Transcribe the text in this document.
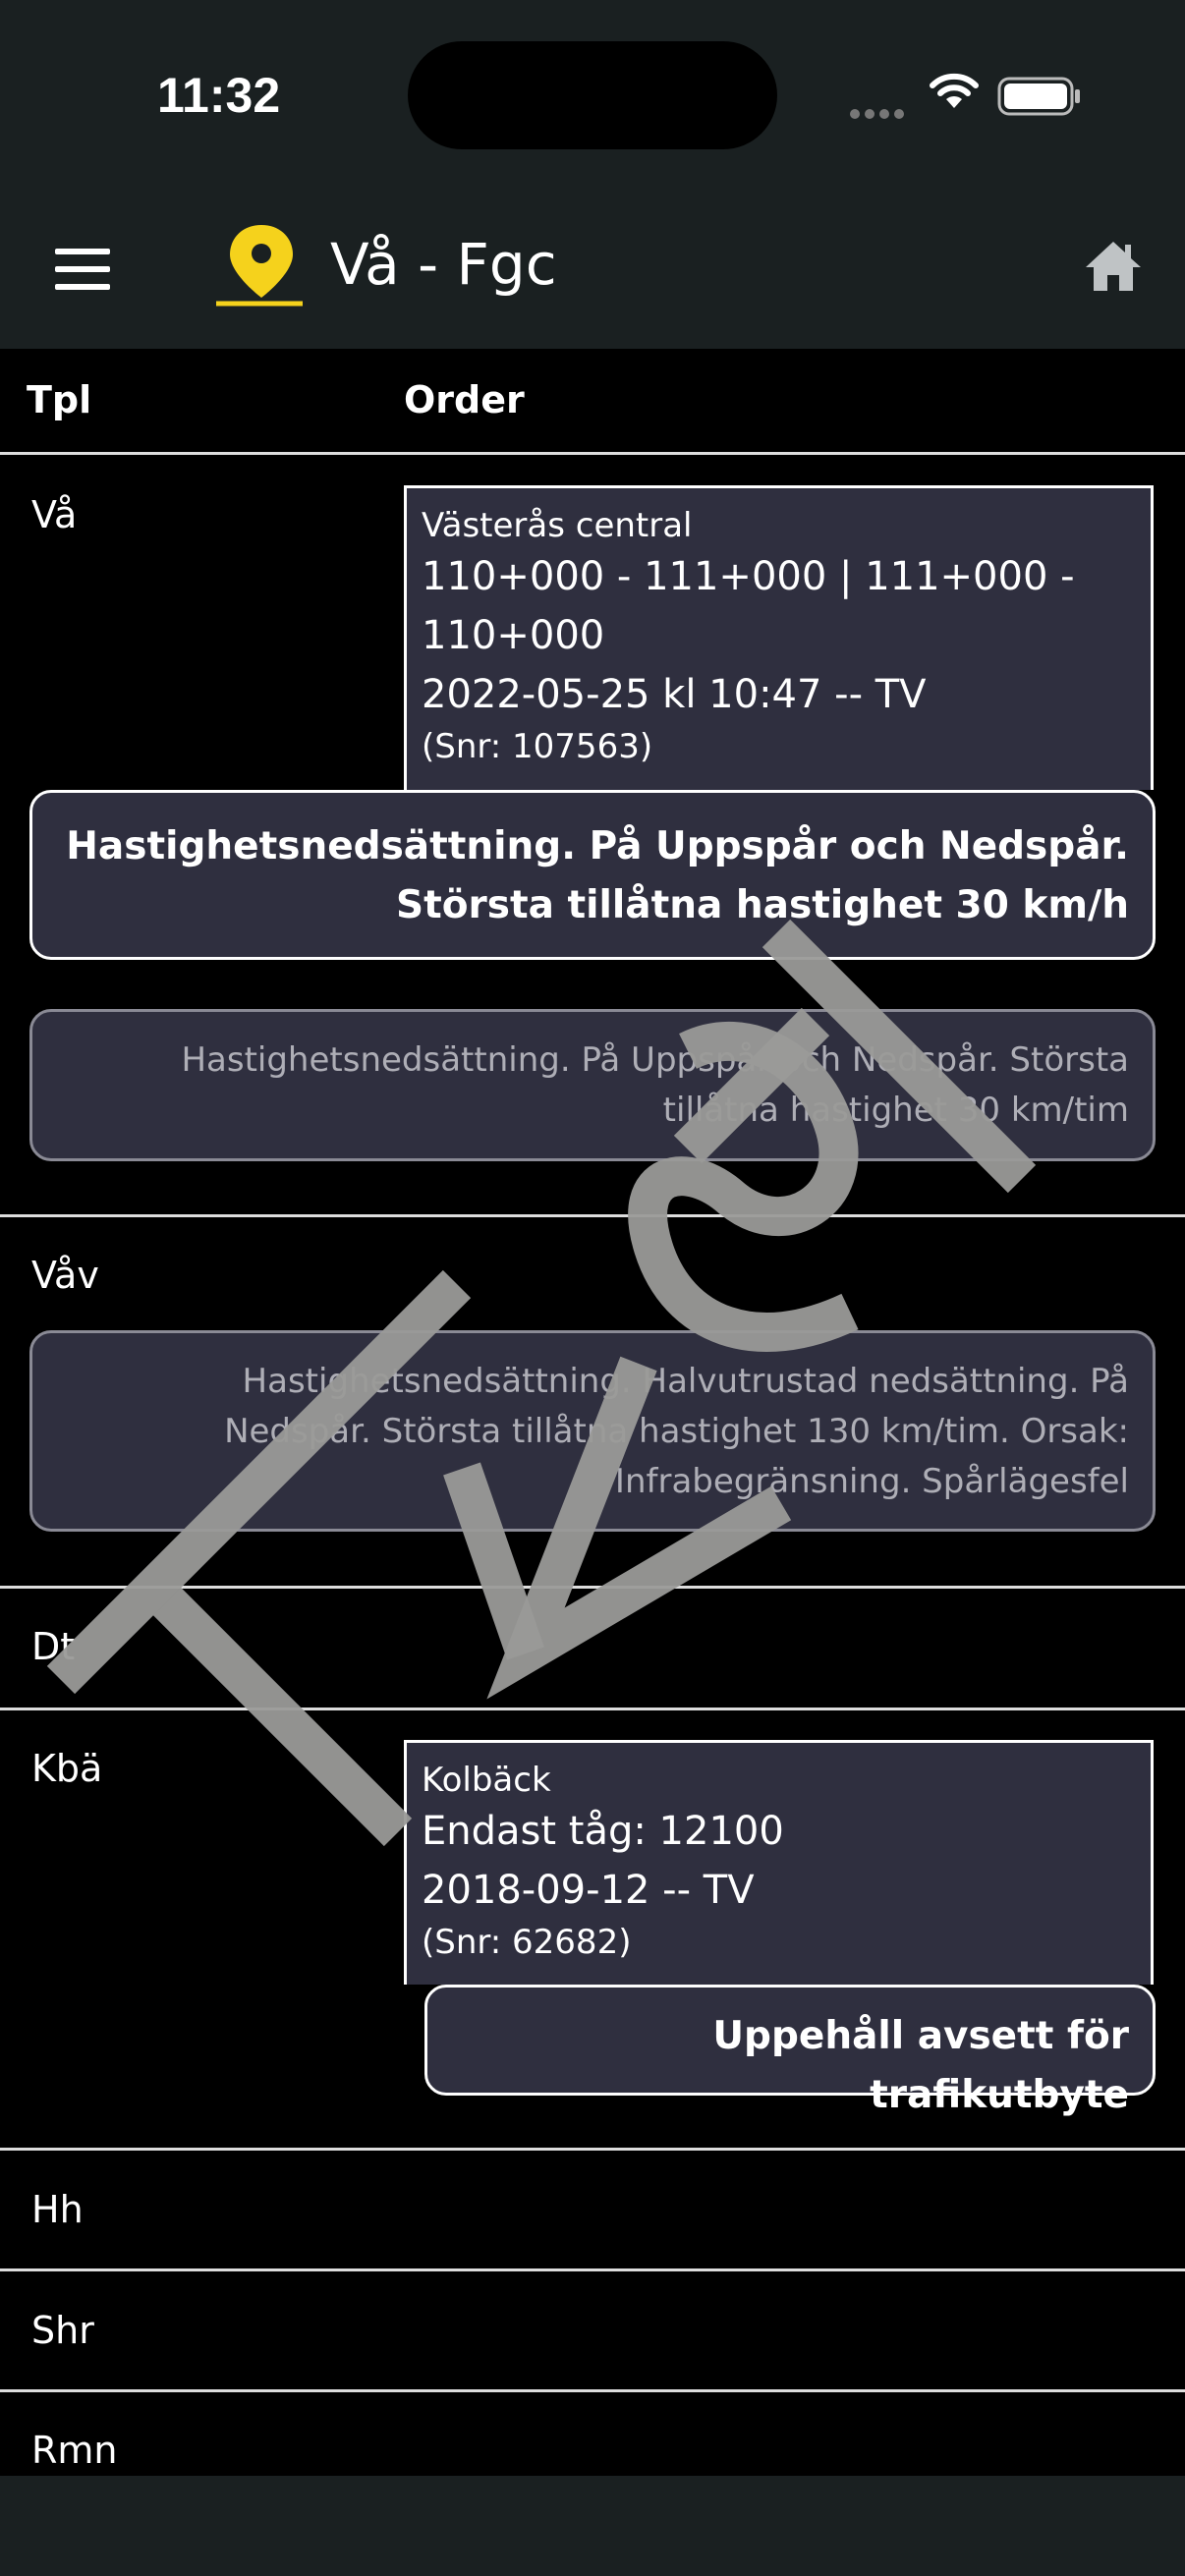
11:32
Vå - Fgc
Tpl	Order
Vå	Västerås central
110+000 - 111+000 | 111+000 -
110+000
2022-05-25 kl 10:47 -- TV
(Snr: 107563)
Hastighetsnedsättning. På Uppspår och Nedspår.
Största tillåtna hastighet 30 km/h
Hastighetsnedsättning. På Uppspår och Nedspår. Största
tillåtna hastighet 30 km/tim
Våv
Hastighetsnedsättning. Halvutrustad nedsättning. På
Nedspår. Största tillåtna hastighet 130 km/tim. Orsak:
Infrabegränsning. Spårlägesfel
Dt
Kbä	Kolbäck
Endast tåg: 12100
2018-09-12 -- TV
(Snr: 62682)
Uppehåll avsett för trafikutbyte
Hh
Shr
Rmn
